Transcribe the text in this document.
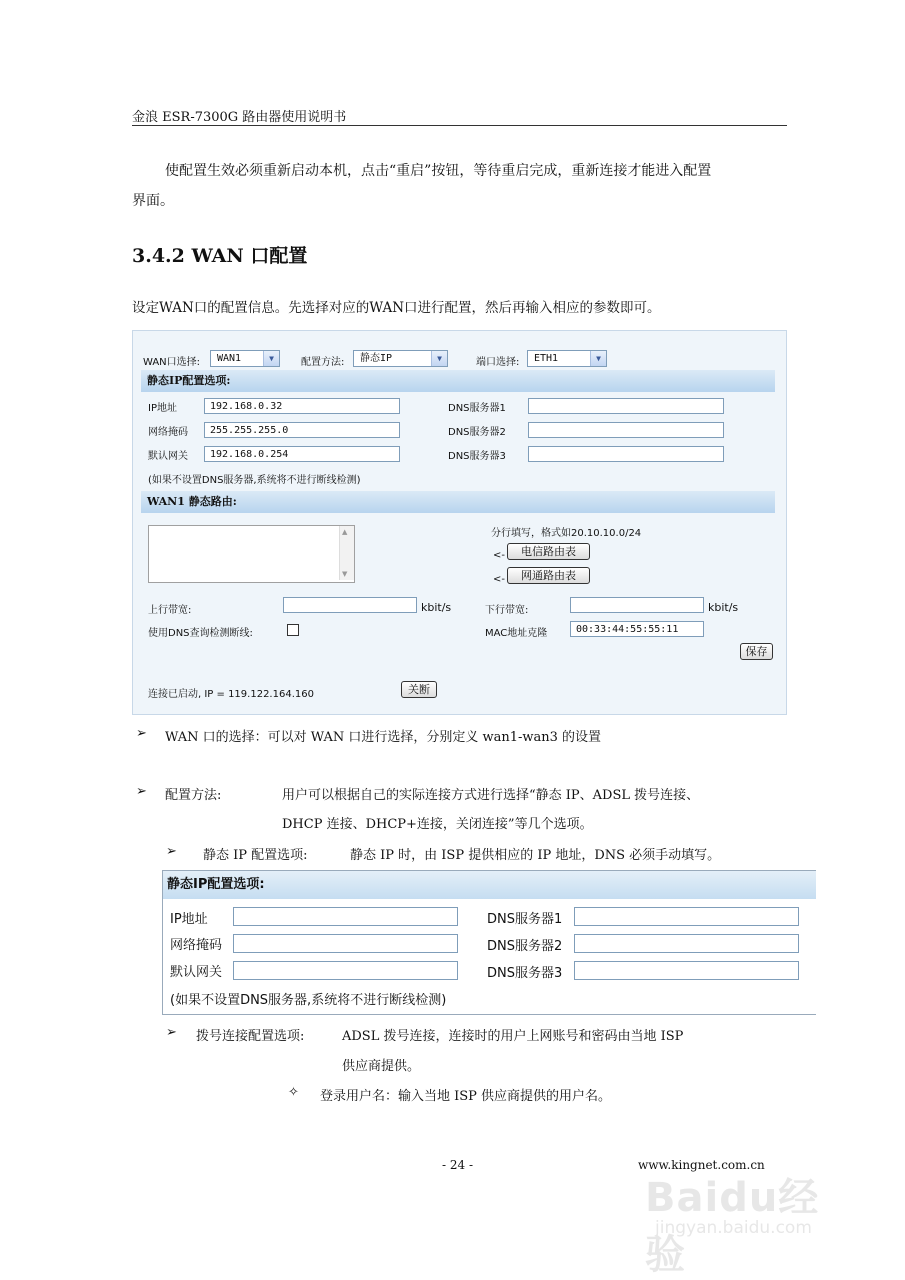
金浪 ESR-7300G 路由器使用说明书
使配置生效必须重新启动本机，点击“重启”按钮，等待重启完成，重新连接才能进入配置
界面。
3.4.2 WAN 口配置
设定WAN口的配置信息。先选择对应的WAN口进行配置，然后再输入相应的参数即可。
WAN口选择:	WAN1	▼	配置方法:	静态IP	▼	端口选择:	ETH1	▼
静态IP配置选项:
IP地址	192.168.0.32
网络掩码	255.255.255.0
默认网关	192.168.0.254
DNS服务器1
DNS服务器2
DNS服务器3
(如果不设置DNS服务器,系统将不进行断线检测)
WAN1 静态路由:
▲
▼
分行填写，格式如20.10.10.0/24
<-	电信路由表
<-	网通路由表
上行带宽:	kbit/s	下行带宽:	kbit/s
使用DNS查询检测断线:	MAC地址克隆	00:33:44:55:55:11
保存
连接已启动, IP = 119.122.164.160	关断
➢ WAN 口的选择：可以对 WAN 口进行选择，分别定义 wan1-wan3 的设置
➢ 配置方法:	用户可以根据自己的实际连接方式进行选择“静态 IP、ADSL 拨号连接、
DHCP 连接、DHCP+连接，关闭连接”等几个选项。
➢ 静态 IP 配置选项:	静态 IP 时，由 ISP 提供相应的 IP 地址，DNS 必须手动填写。
静态IP配置选项:
IP地址
网络掩码
默认网关
DNS服务器1
DNS服务器2
DNS服务器3
(如果不设置DNS服务器,系统将不进行断线检测)
➢ 拨号连接配置选项:	ADSL 拨号连接，连接时的用户上网账号和密码由当地 ISP
供应商提供。
✧ 登录用户名：输入当地 ISP 供应商提供的用户名。
- 24 -	www.kingnet.com.cn
Baidu经验
jingyan.baidu.com
